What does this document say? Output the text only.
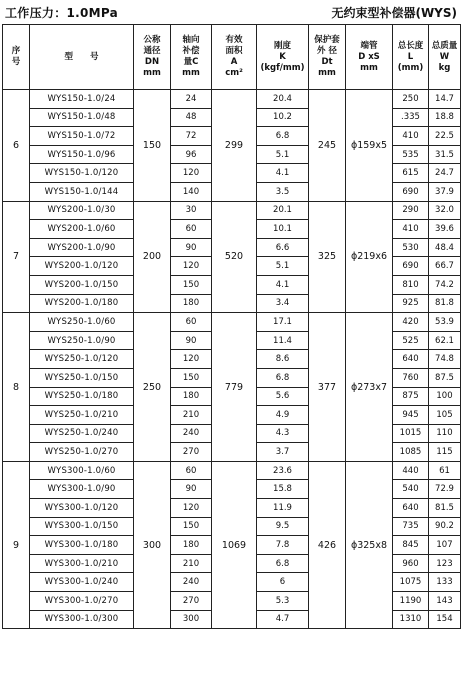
工作压力：1.0MPa	无约束型补偿器(WYS)
序
号	型　　号	公称
通径
DN
mm	轴向
补偿
量C
mm	有效
面积
A
cm²	刚度
K
(kgf/mm)	保护套
外 径
Dt
mm	端管
D xS
mm	总长度
L
(mm)	总质量
W
kg

6	WYS150-1.0/24	150	24	299	20.4	245	ϕ159x5	250	14.7
	WYS150-1.0/48		48		10.2			.335	18.8
	WYS150-1.0/72		72		6.8			410	22.5
	WYS150-1.0/96		96		5.1			535	31.5
	WYS150-1.0/120		120		4.1			615	24.7
	WYS150-1.0/144		140		3.5			690	37.9
7	WYS200-1.0/30	200	30	520	20.1	325	ϕ219x6	290	32.0
	WYS200-1.0/60		60		10.1			410	39.6
	WYS200-1.0/90		90		6.6			530	48.4
	WYS200-1.0/120		120		5.1			690	66.7
	WYS200-1.0/150		150		4.1			810	74.2
	WYS200-1.0/180		180		3.4			925	81.8
8	WYS250-1.0/60	250	60	779	17.1	377	ϕ273x7	420	53.9
	WYS250-1.0/90		90		11.4			525	62.1
	WYS250-1.0/120		120		8.6			640	74.8
	WYS250-1.0/150		150		6.8			760	87.5
	WYS250-1.0/180		180		5.6			875	100
	WYS250-1.0/210		210		4.9			945	105
	WYS250-1.0/240		240		4.3			1015	110
	WYS250-1.0/270		270		3.7			1085	115
9	WYS300-1.0/60	300	60	1069	23.6	426	ϕ325x8	440	61
	WYS300-1.0/90		90		15.8			540	72.9
	WYS300-1.0/120		120		11.9			640	81.5
	WYS300-1.0/150		150		9.5			735	90.2
	WYS300-1.0/180		180		7.8			845	107
	WYS300-1.0/210		210		6.8			960	123
	WYS300-1.0/240		240		6			1075	133
	WYS300-1.0/270		270		5.3			1190	143
	WYS300-1.0/300		300		4.7			1310	154
